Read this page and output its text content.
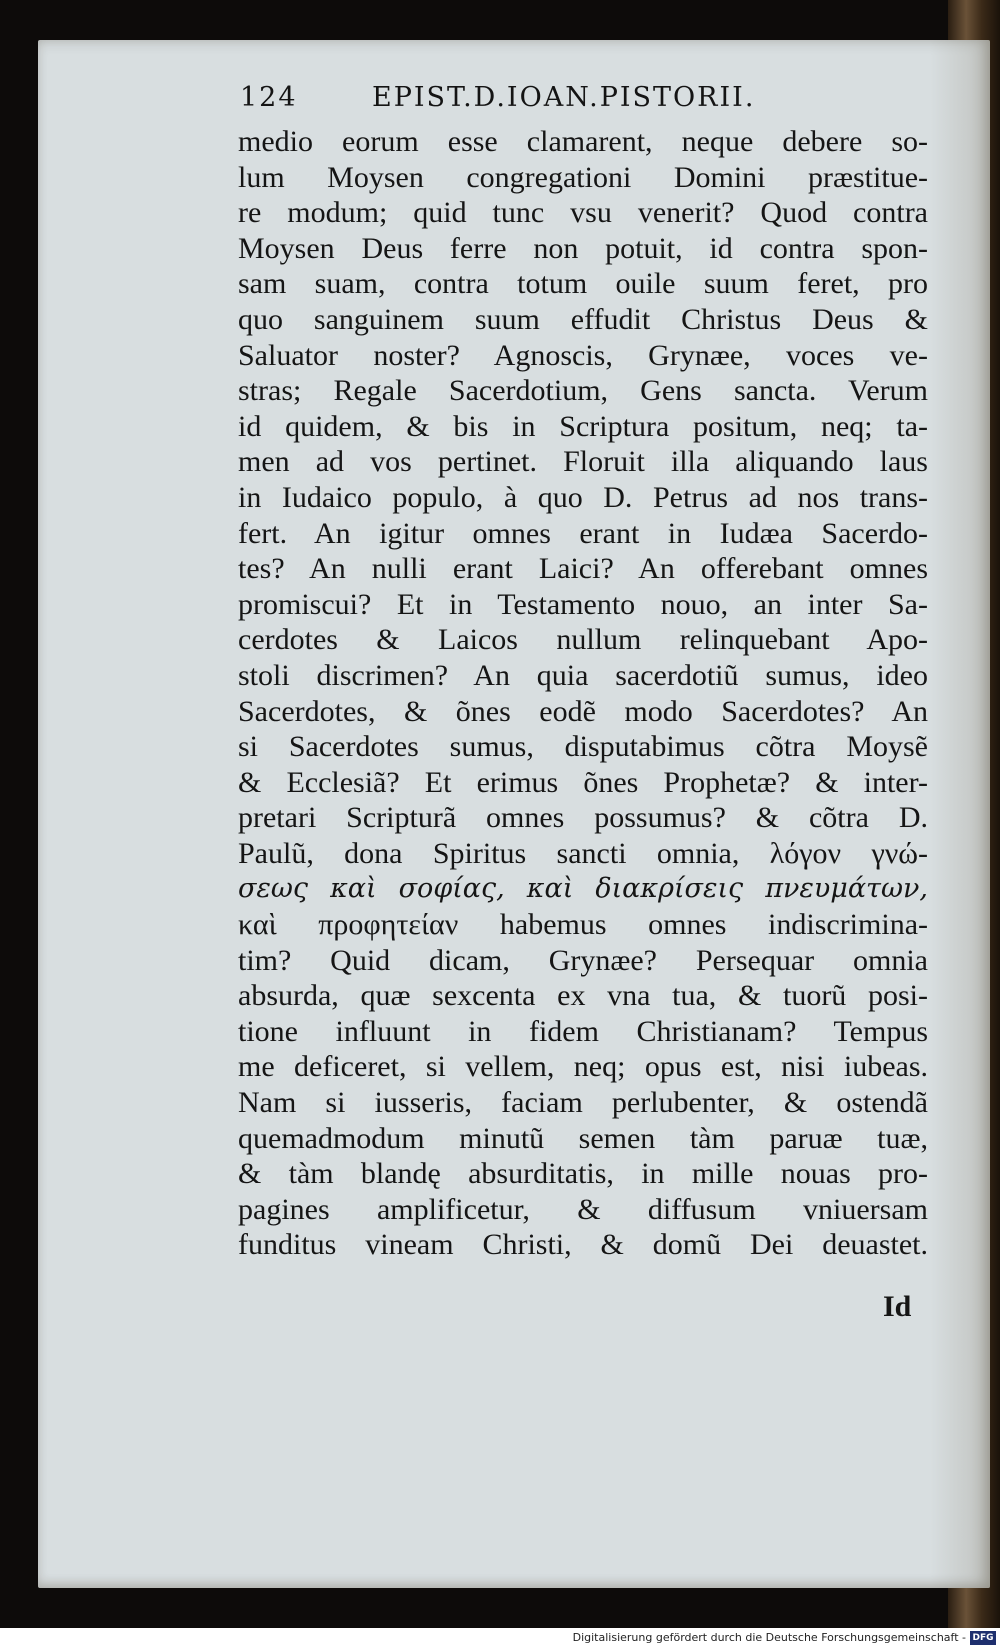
124	EPIST.D.IOAN.PISTORII.
medio eorum esse clamarent, neque debere so-
lum Moysen congregationi Domini præstitue-
re modum; quid tunc vsu venerit? Quod contra
Moysen Deus ferre non potuit, id contra spon-
sam suam, contra totum ouile suum feret, pro
quo sanguinem suum effudit Christus Deus &
Saluator noster? Agnoscis, Grynæe, voces ve-
stras; Regale Sacerdotium, Gens sancta. Verum
id quidem, & bis in Scriptura positum, neq; ta-
men ad vos pertinet. Floruit illa aliquando laus
in Iudaico populo, à quo D. Petrus ad nos trans-
fert. An igitur omnes erant in Iudæa Sacerdo-
tes? An nulli erant Laici? An offerebant omnes
promiscui? Et in Testamento nouo, an inter Sa-
cerdotes & Laicos nullum relinquebant Apo-
stoli discrimen? An quia sacerdotiũ sumus, ideo
Sacerdotes, & õnes eodẽ modo Sacerdotes? An
si Sacerdotes sumus, disputabimus cõtra Moysẽ
& Ecclesiã? Et erimus õnes Prophetæ? & inter-
pretari Scripturã omnes possumus? & cõtra D.
Paulũ, dona Spiritus sancti omnia, λόγον γνώ-
σεως καὶ σοφίας, καὶ διακρίσεις πνευμάτων,
καὶ προφητείαν habemus omnes indiscrimina-
tim? Quid dicam, Grynæe? Persequar omnia
absurda, quæ sexcenta ex vna tua, & tuorũ posi-
tione influunt in fidem Christianam? Tempus
me deficeret, si vellem, neq; opus est, nisi iubeas.
Nam si iusseris, faciam perlubenter, & ostendã
quemadmodum minutũ semen tàm paruæ tuæ,
& tàm blandę absurditatis, in mille nouas pro-
pagines amplificetur, & diffusum vniuersam
funditus vineam Christi, & domũ Dei deuastet.
Id
Digitalisierung gefördert durch die Deutsche Forschungsgemeinschaft - DFG
